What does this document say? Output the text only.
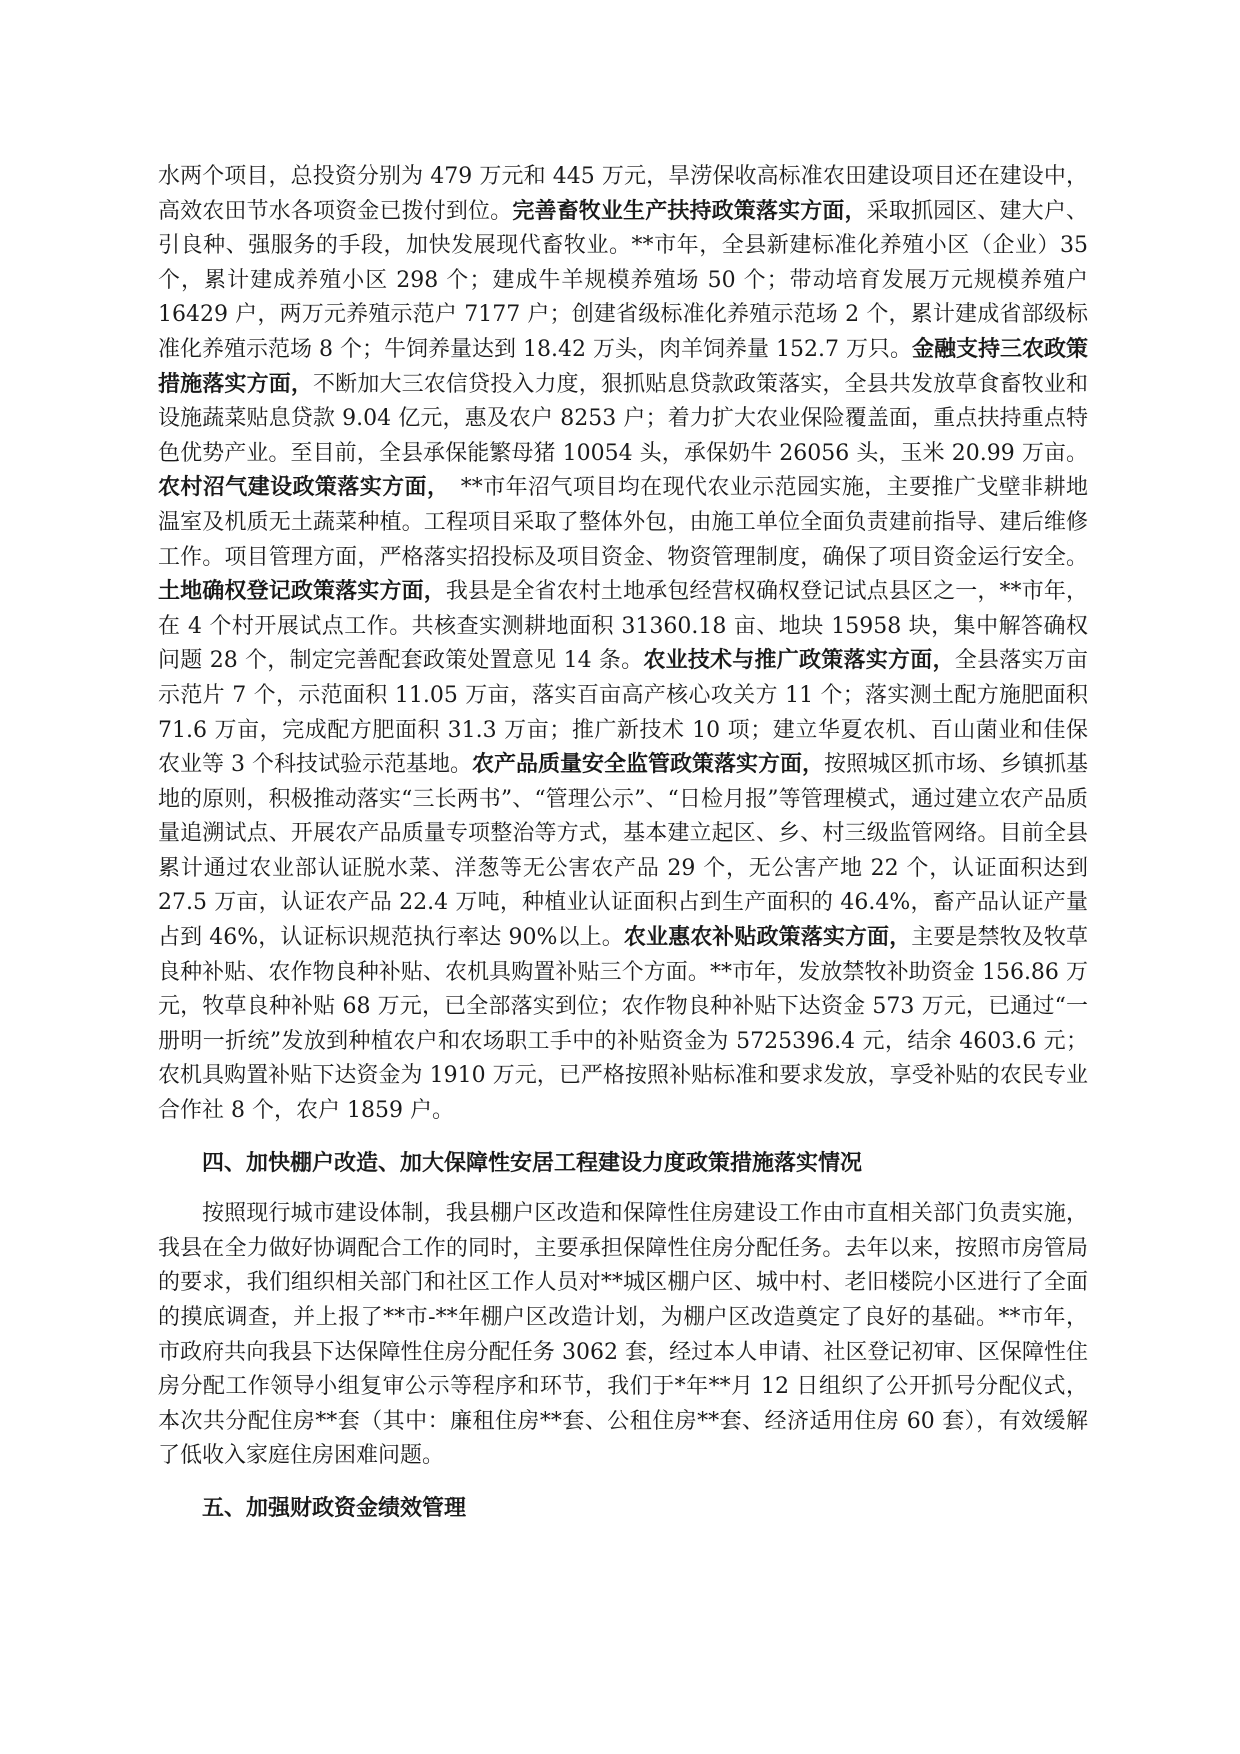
水两个项目，总投资分别为 479 万元和 445 万元，旱涝保收高标准农田建设项目还在建设中，高效农田节水各项资金已拨付到位。完善畜牧业生产扶持政策落实方面，采取抓园区、建大户、引良种、强服务的手段，加快发展现代畜牧业。**市年，全县新建标准化养殖小区（企业）35 个，累计建成养殖小区 298 个；建成牛羊规模养殖场 50 个；带动培育发展万元规模养殖户 16429 户，两万元养殖示范户 7177 户；创建省级标准化养殖示范场 2 个，累计建成省部级标准化养殖示范场 8 个；牛饲养量达到 18.42 万头，肉羊饲养量 152.7 万只。金融支持三农政策措施落实方面，不断加大三农信贷投入力度，狠抓贴息贷款政策落实，全县共发放草食畜牧业和设施蔬菜贴息贷款 9.04 亿元，惠及农户 8253 户；着力扩大农业保险覆盖面，重点扶持重点特色优势产业。至目前，全县承保能繁母猪 10054 头，承保奶牛 26056 头，玉米 20.99 万亩。农村沼气建设政策落实方面，　**市年沼气项目均在现代农业示范园实施，主要推广戈壁非耕地温室及机质无土蔬菜种植。工程项目采取了整体外包，由施工单位全面负责建前指导、建后维修工作。项目管理方面，严格落实招投标及项目资金、物资管理制度，确保了项目资金运行安全。土地确权登记政策落实方面，我县是全省农村土地承包经营权确权登记试点县区之一，**市年，在 4 个村开展试点工作。共核查实测耕地面积 31360.18 亩、地块 15958 块，集中解答确权问题 28 个，制定完善配套政策处置意见 14 条。农业技术与推广政策落实方面，全县落实万亩示范片 7 个，示范面积 11.05 万亩，落实百亩高产核心攻关方 11 个；落实测土配方施肥面积 71.6 万亩，完成配方肥面积 31.3 万亩；推广新技术 10 项；建立华夏农机、百山菌业和佳保农业等 3 个科技试验示范基地。农产品质量安全监管政策落实方面，按照城区抓市场、乡镇抓基地的原则，积极推动落实“三长两书”、“管理公示”、“日检月报”等管理模式，通过建立农产品质量追溯试点、开展农产品质量专项整治等方式，基本建立起区、乡、村三级监管网络。目前全县累计通过农业部认证脱水菜、洋葱等无公害农产品 29 个，无公害产地 22 个，认证面积达到 27.5 万亩，认证农产品 22.4 万吨，种植业认证面积占到生产面积的 46.4%，畜产品认证产量占到 46%，认证标识规范执行率达 90%以上。农业惠农补贴政策落实方面，主要是禁牧及牧草良种补贴、农作物良种补贴、农机具购置补贴三个方面。**市年，发放禁牧补助资金 156.86 万元，牧草良种补贴 68 万元，已全部落实到位；农作物良种补贴下达资金 573 万元，已通过“一册明一折统”发放到种植农户和农场职工手中的补贴资金为 5725396.4 元，结余 4603.6 元；农机具购置补贴下达资金为 1910 万元，已严格按照补贴标准和要求发放，享受补贴的农民专业合作社 8 个，农户 1859 户。

四、加快棚户改造、加大保障性安居工程建设力度政策措施落实情况

按照现行城市建设体制，我县棚户区改造和保障性住房建设工作由市直相关部门负责实施，我县在全力做好协调配合工作的同时，主要承担保障性住房分配任务。去年以来，按照市房管局的要求，我们组织相关部门和社区工作人员对**城区棚户区、城中村、老旧楼院小区进行了全面的摸底调查，并上报了**市-**年棚户区改造计划，为棚户区改造奠定了良好的基础。**市年，市政府共向我县下达保障性住房分配任务 3062 套，经过本人申请、社区登记初审、区保障性住房分配工作领导小组复审公示等程序和环节，我们于*年**月 12 日组织了公开抓号分配仪式，本次共分配住房**套（其中：廉租住房**套、公租住房**套、经济适用住房 60 套），有效缓解了低收入家庭住房困难问题。

五、加强财政资金绩效管理
